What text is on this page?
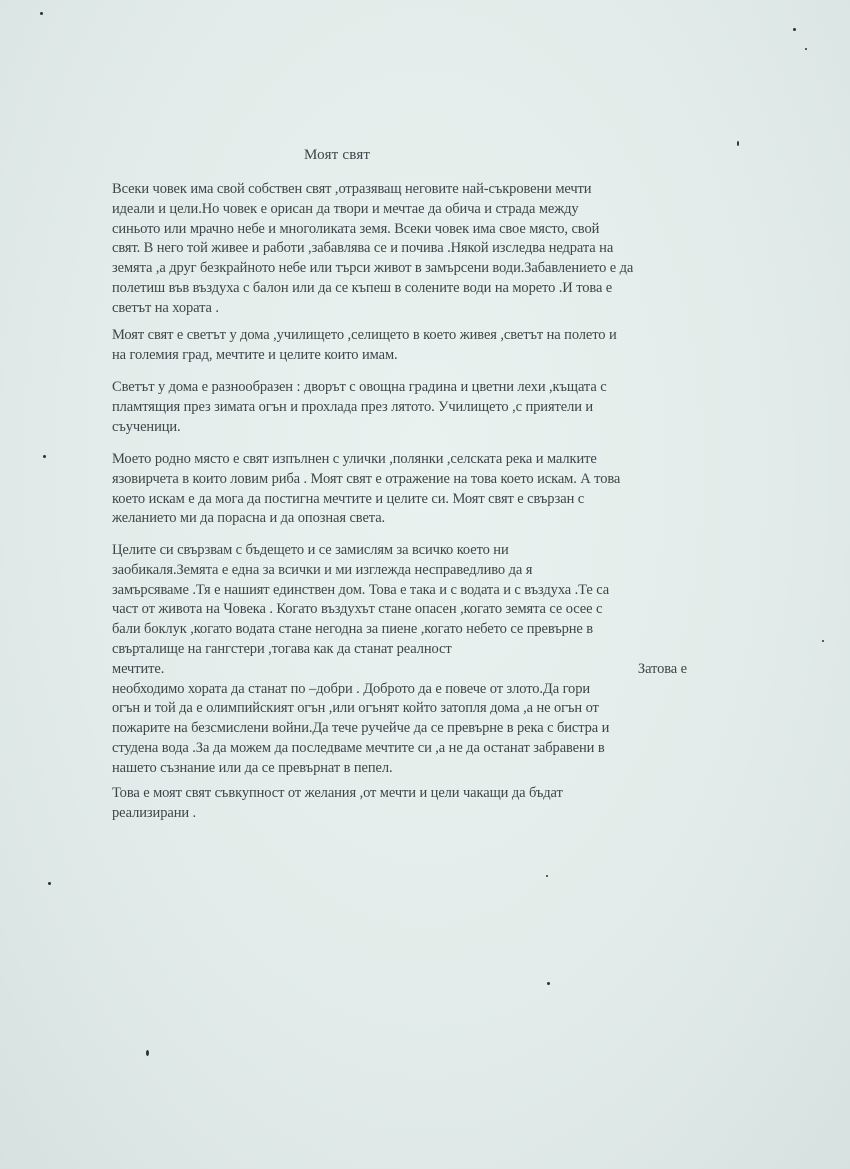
Моят свят
Всеки човек има свой собствен свят ,отразяващ неговите най-съкровени мечти
идеали и цели.Но човек е орисан да твори и мечтае да обича и страда между
синьото или мрачно небе и многоликата земя. Всеки човек има свое място, свой
свят. В него той живее и работи ,забавлява се и почива .Някой изследва недрата на
земята ,а друг безкрайното небе или търси живот в замърсени води.Забавлението е да
полетиш във въздуха с балон или да се къпеш в солените води на морето .И това е
светът на хората .
Моят свят е светът у дома ,училището ,селището в което живея ,светът на полето и
на големия град, мечтите и целите които имам.
Светът у дома е разнообразен : дворът с овощна градина и цветни лехи ,къщата с
пламтящия през зимата огън и прохлада през лятото. Училището ,с приятели и
съученици.
Моето родно място е свят изпълнен с улички ,полянки ,селската река и малките
язовирчета в които ловим риба . Моят свят е отражение на това което искам. А това
което искам е да мога да постигна мечтите и целите си. Моят свят е свързан с
желанието ми да порасна и да опозная света.
Целите си свързвам с бъдещето и се замислям за всичко което ни
заобикаля.Земята е една за всички и ми изглежда несправедливо да я
замърсяваме .Тя е нашият единствен дом. Това е така и с водата и с въздуха .Те са
част от живота на Човека . Когато въздухът стане опасен ,когато земята се осее с
бали боклук ,когато водата стане негодна за пиене ,когато небето се превърне в
свърталище на гангстери ,тогава как да станат реалност
мечтите.	Затова е
необходимо хората да станат по –добри . Доброто да е повече от злото.Да гори
огън и той да е олимпийският огън ,или огънят който затопля дома ,а не огън от
пожарите на безсмислени войни.Да тече ручейче да се превърне в река с бистра и
студена вода .За да можем да последваме мечтите си ,а не да останат забравени в
нашето съзнание или да се превърнат в пепел.
Това е моят свят съвкупност от желания ,от мечти и цели чакащи да бъдат
реализирани .
